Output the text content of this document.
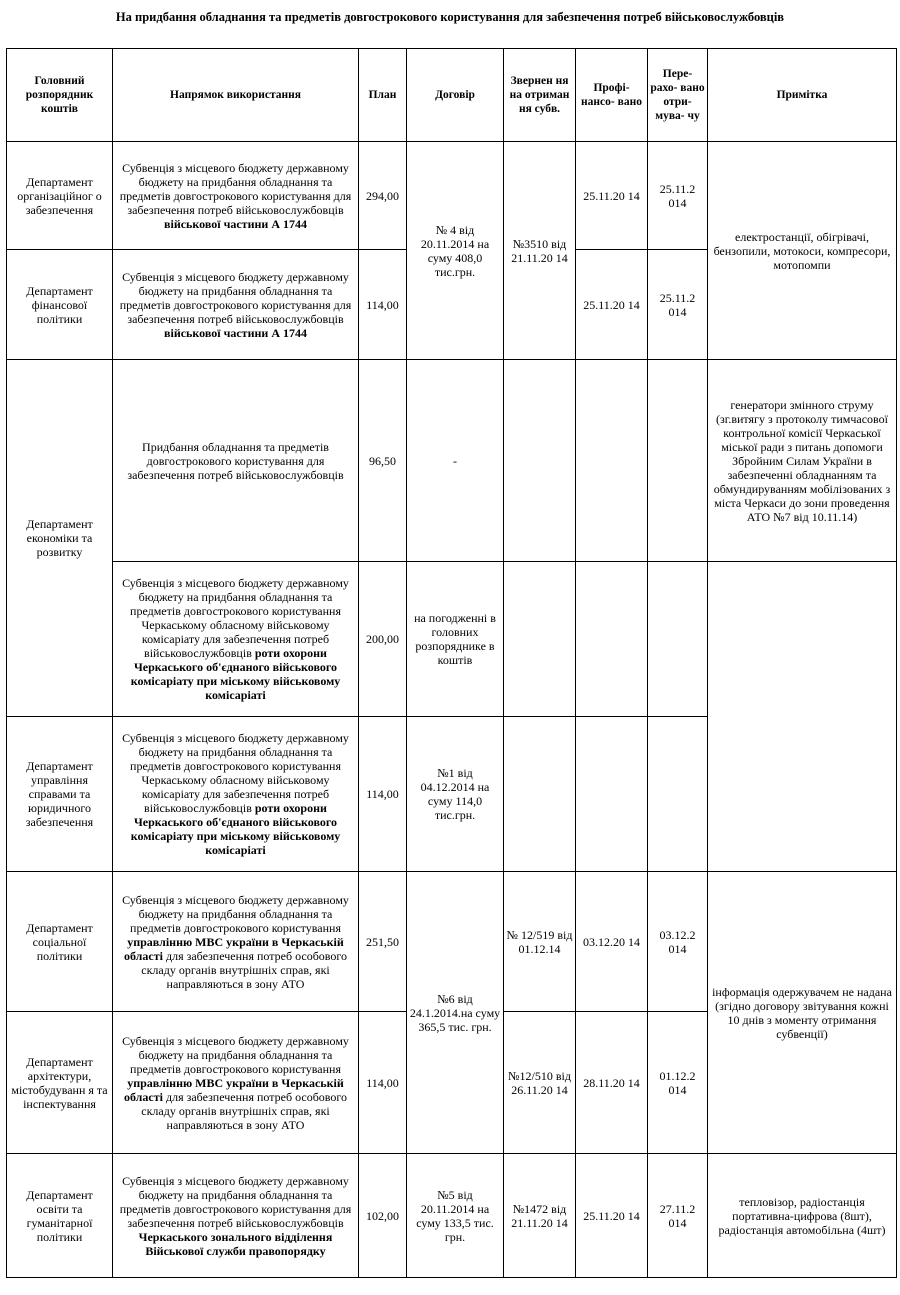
На придбання обладнання та предметів довгострокового користування для забезпечення потреб військовослужбовців
Головний розпорядник коштів	Напрямок використання	План	Договір	Звернен ня на отриман ня субв.	Профі- нансо- вано	Пере- рахо- вано отри- мува- чу	Примітка
Департамент організаційног о забезпечення	Субвенція з місцевого бюджету державному бюджету на придбання обладнання та предметів довгострокового користування для забезпечення потреб військовослужбовців військової частини А 1744	294,00	№ 4 від 20.11.2014 на суму 408,0 тис.грн.	№3510 від 21.11.20 14	25.11.20 14	25.11.2 014	електростанції, обігрівачі, бензопили, мотокоси, компресори, мотопомпи
Департамент фінансової політики	Субвенція з місцевого бюджету державному бюджету на придбання обладнання та предметів довгострокового користування для забезпечення потреб військовослужбовців військової частини А 1744	114,00			25.11.20 14	25.11.2 014	
Департамент економіки та розвитку	Придбання обладнання та предметів довгострокового користування для забезпечення потреб військовослужбовців	96,50	-				генератори змінного струму (зг.витягу з протоколу тимчасової контрольної комісії Черкаської міської ради з питань допомоги Збройним Силам України в забезпеченні обладнанням та обмундируванням мобілізованих з міста Черкаси до зони проведення АТО №7 від 10.11.14)
	Субвенція з місцевого бюджету державному бюджету на придбання обладнання та предметів довгострокового користування Черкаському обласному військовому комісаріату для забезпечення потреб військовослужбовців роти охорони Черкаського об'єднаного військового комісаріату при міському військовому комісаріаті	200,00	на погодженні в головних розпоряднике в коштів				
Департамент управління справами та юридичного забезпечення	Субвенція з місцевого бюджету державному бюджету на придбання обладнання та предметів довгострокового користування Черкаському обласному військовому комісаріату для забезпечення потреб військовослужбовців роти охорони Черкаського об'єднаного військового комісаріату при міському військовому комісаріаті	114,00	№1 від 04.12.2014 на суму 114,0 тис.грн.				
Департамент соціальної політики	Субвенція з місцевого бюджету державному бюджету на придбання обладнання та предметів довгострокового користування управлінню МВС україни в Черкаській області для забезпечення потреб особового складу органів внутрішніх справ, які направляються в зону АТО	251,50	№6 від 24.1.2014.на суму 365,5 тис. грн.	№ 12/519 від 01.12.14	03.12.20 14	03.12.2 014	інформація одержувачем не надана (згідно договору звітування кожні 10 днів з моменту отримання субвенції)
Департамент архітектури, містобудуванн я та інспектування	Субвенція з місцевого бюджету державному бюджету на придбання обладнання та предметів довгострокового користування управлінню МВС україни в Черкаській області для забезпечення потреб особового складу органів внутрішніх справ, які направляються в зону АТО	114,00		№12/510 від 26.11.20 14	28.11.20 14	01.12.2 014	
Департамент освіти та гуманітарної політики	Субвенція з місцевого бюджету державному бюджету на придбання обладнання та предметів довгострокового користування для забезпечення потреб військовослужбовців Черкаського зонального відділення Військової служби правопорядку	102,00	№5 від 20.11.2014 на суму 133,5 тис. грн.	№1472 від 21.11.20 14	25.11.20 14	27.11.2 014	тепловізор, радіостанція портативна-цифрова (8шт), радіостанція автомобільна (4шт)
